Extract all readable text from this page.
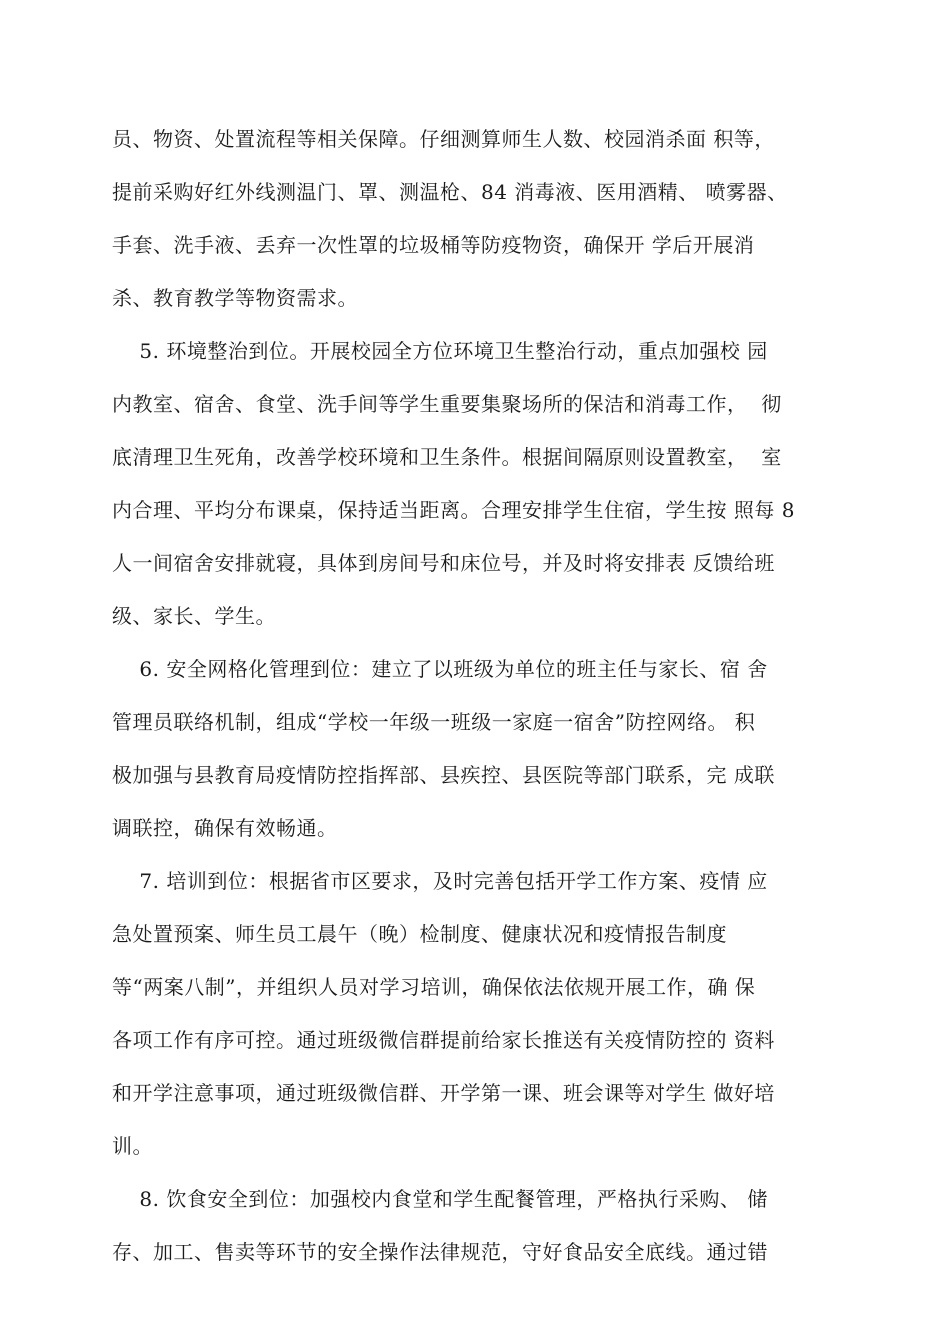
员、物资、处置流程等相关保障。仔细测算师生人数、校园消杀面 积等，
提前采购好红外线测温门、罩、测温枪、84 消毒液、医用酒精、 喷雾器、
手套、洗手液、丢弃一次性罩的垃圾桶等防疫物资，确保开 学后开展消
杀、教育教学等物资需求。
5. 环境整治到位。开展校园全方位环境卫生整治行动，重点加强校 园
内教室、宿舍、食堂、洗手间等学生重要集聚场所的保洁和消毒工作，  彻
底清理卫生死角，改善学校环境和卫生条件。根据间隔原则设置教室，  室
内合理、平均分布课桌，保持适当距离。合理安排学生住宿，学生按 照每 8
人一间宿舍安排就寝，具体到房间号和床位号，并及时将安排表 反馈给班
级、家长、学生。
6. 安全网格化管理到位：建立了以班级为单位的班主任与家长、宿 舍
管理员联络机制，组成“学校一年级一班级一家庭一宿舍”防控网络。 积
极加强与县教育局疫情防控指挥部、县疾控、县医院等部门联系，完 成联
调联控，确保有效畅通。
7. 培训到位：根据省市区要求，及时完善包括开学工作方案、疫情 应
急处置预案、师生员工晨午（晚）检制度、健康状况和疫情报告制度
等“两案八制”，并组织人员对学习培训，确保依法依规开展工作，确 保
各项工作有序可控。通过班级微信群提前给家长推送有关疫情防控的 资料
和开学注意事项，通过班级微信群、开学第一课、班会课等对学生 做好培
训。
8. 饮食安全到位：加强校内食堂和学生配餐管理，严格执行采购、 储
存、加工、售卖等环节的安全操作法律规范，守好食品安全底线。通过错
